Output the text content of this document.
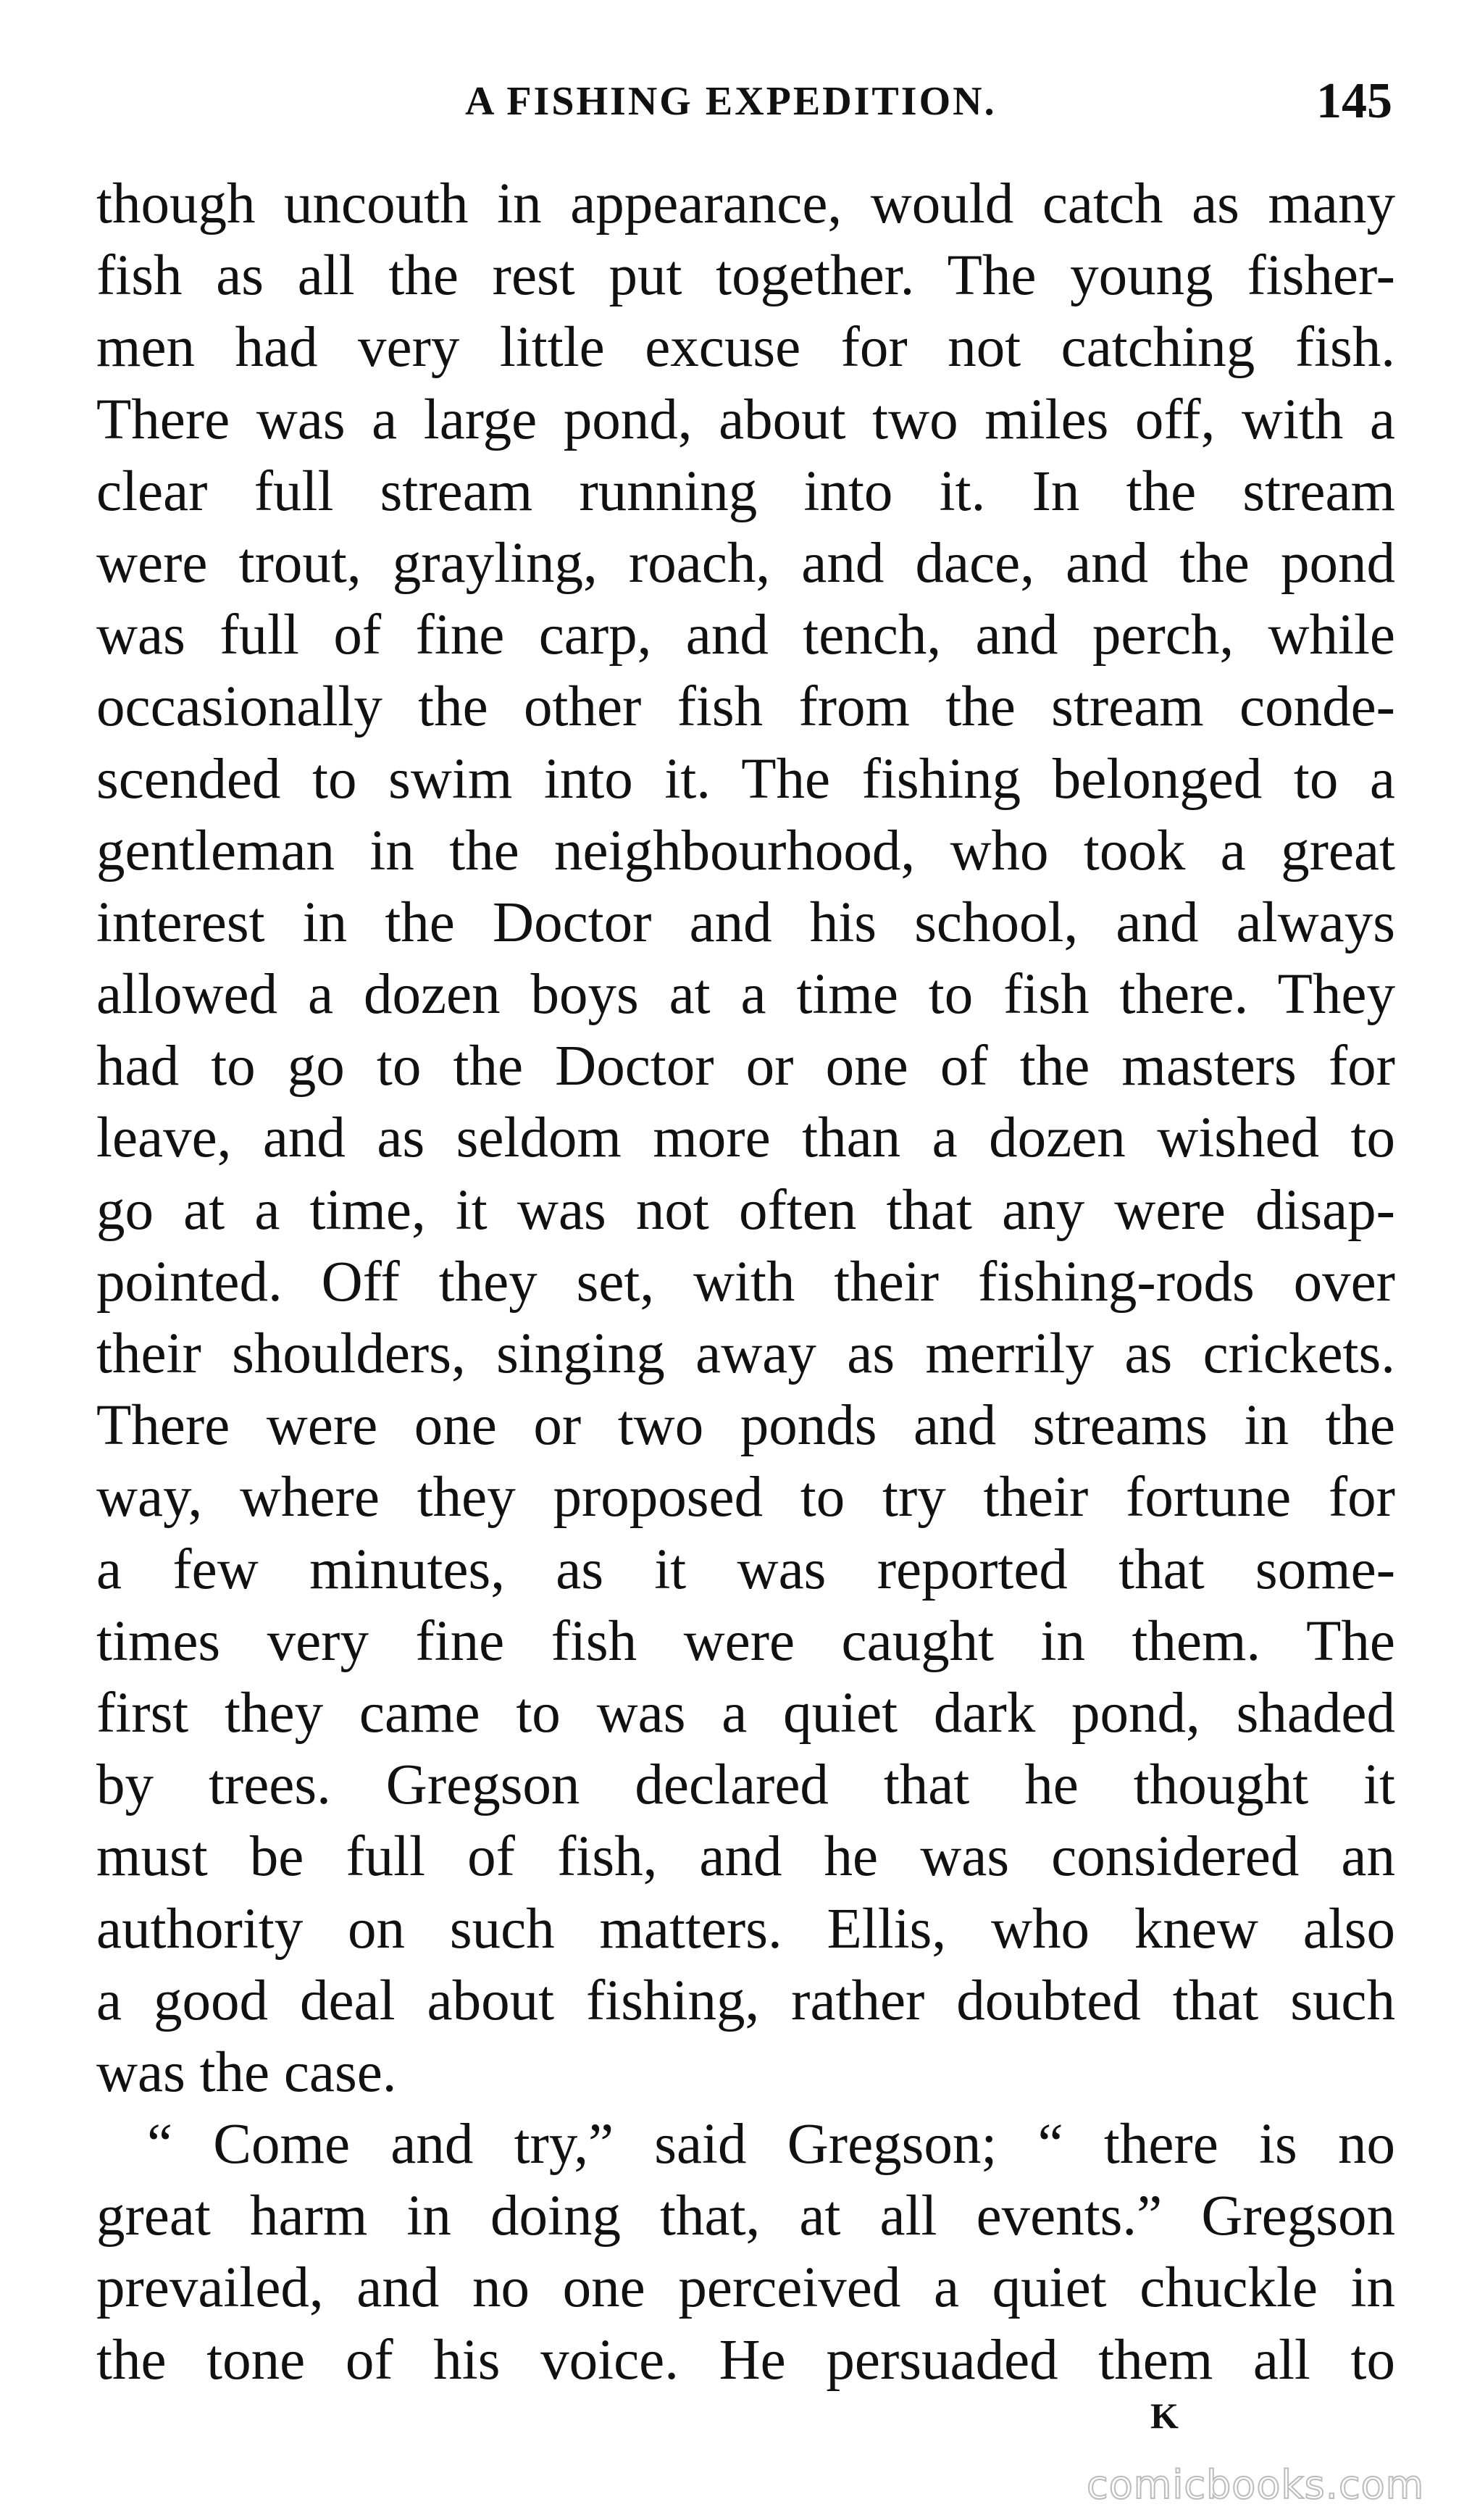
A FISHING EXPEDITION.	145
though uncouth in appearance, would catch as many
fish as all the rest put together. The young fisher-
men had very little excuse for not catching fish.
There was a large pond, about two miles off, with a
clear full stream running into it. In the stream
were trout, grayling, roach, and dace, and the pond
was full of fine carp, and tench, and perch, while
occasionally the other fish from the stream conde-
scended to swim into it. The fishing belonged to a
gentleman in the neighbourhood, who took a great
interest in the Doctor and his school, and always
allowed a dozen boys at a time to fish there. They
had to go to the Doctor or one of the masters for
leave, and as seldom more than a dozen wished to
go at a time, it was not often that any were disap-
pointed. Off they set, with their fishing-rods over
their shoulders, singing away as merrily as crickets.
There were one or two ponds and streams in the
way, where they proposed to try their fortune for
a few minutes, as it was reported that some-
times very fine fish were caught in them. The
first they came to was a quiet dark pond, shaded
by trees. Gregson declared that he thought it
must be full of fish, and he was considered an
authority on such matters. Ellis, who knew also
a good deal about fishing, rather doubted that such
was the case.
“ Come and try,” said Gregson; “ there is no
great harm in doing that, at all events.” Gregson
prevailed, and no one perceived a quiet chuckle in
the tone of his voice. He persuaded them all to
K
comicbooks.com
